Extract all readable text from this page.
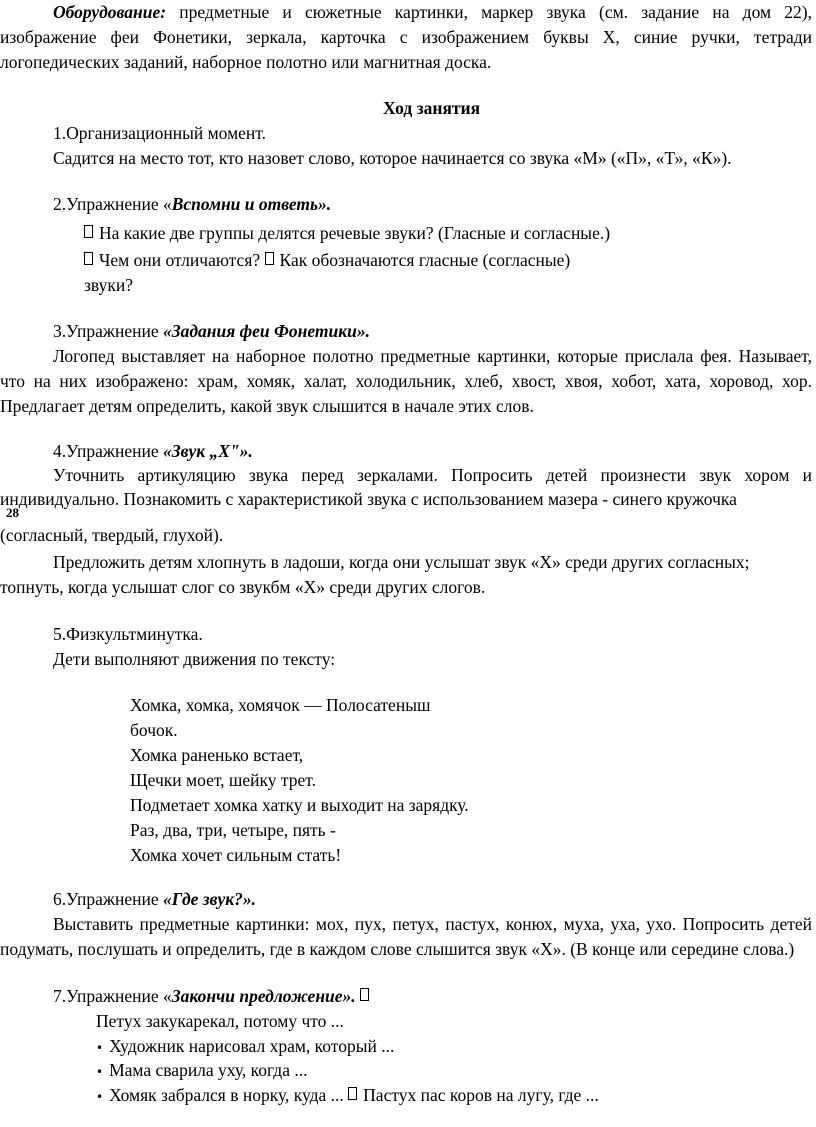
Оборудование: предметные и сюжетные картинки, маркер звука (см. задание на дом 22),
изображение феи Фонетики, зеркала, карточка с изображением буквы Х, синие ручки, тетради
логопедических заданий, наборное полотно или магнитная доска.
Ход занятия
1.Организационный момент.
Садится на место тот, кто назовет слово, которое начинается со звука «М» («П», «Т», «К»).
2.Упражнение «Вспомни и ответь».
На какие две группы делятся речевые звуки? (Гласные и согласные.)
Чем они отличаются? Как обозначаются гласные (согласные)
звуки?
3.Упражнение «Задания феи Фонетики».
Логопед выставляет на наборное полотно предметные картинки, которые прислала фея. Называет,
что на них изображено: храм, хомяк, халат, холодильник, хлеб, хвост, хвоя, хобот, хата, хоровод, хор.
Предлагает детям определить, какой звук слышится в начале этих слов.
4.Упражнение «Звук „Х"».
Уточнить артикуляцию звука перед зеркалами. Попросить детей произнести звук хором и
индивидуально. Познакомить с характеристикой звука с использованием мазера - синего кружочка
28
(согласный, твердый, глухой).
Предложить детям хлопнуть в ладоши, когда они услышат звук «Х» среди других согласных;
топнуть, когда услышат слог со звукбм «Х» среди других слогов.
5.Физкультминутка.
Дети выполняют движения по тексту:
Хомка, хомка, хомячок — Полосатеныш
бочок.
Хомка раненько встает,
Щечки моет, шейку трет.
Подметает хомка хатку и выходит на зарядку.
Раз, два, три, четыре, пять -
Хомка хочет сильным стать!
6.Упражнение «Где звук?».
Выставить предметные картинки: мох, пух, петух, пастух, конюх, муха, уха, ухо. Попросить детей
подумать, послушать и определить, где в каждом слове слышится звук «Х». (В конце или середине слова.)
7.Упражнение «Закончи предложение».
Петух закукарекал, потому что ...
• Художник нарисовал храм, который ...
• Мама сварила уху, когда ...
• Хомяк забрался в норку, куда ... Пастух пас коров на лугу, где ...
